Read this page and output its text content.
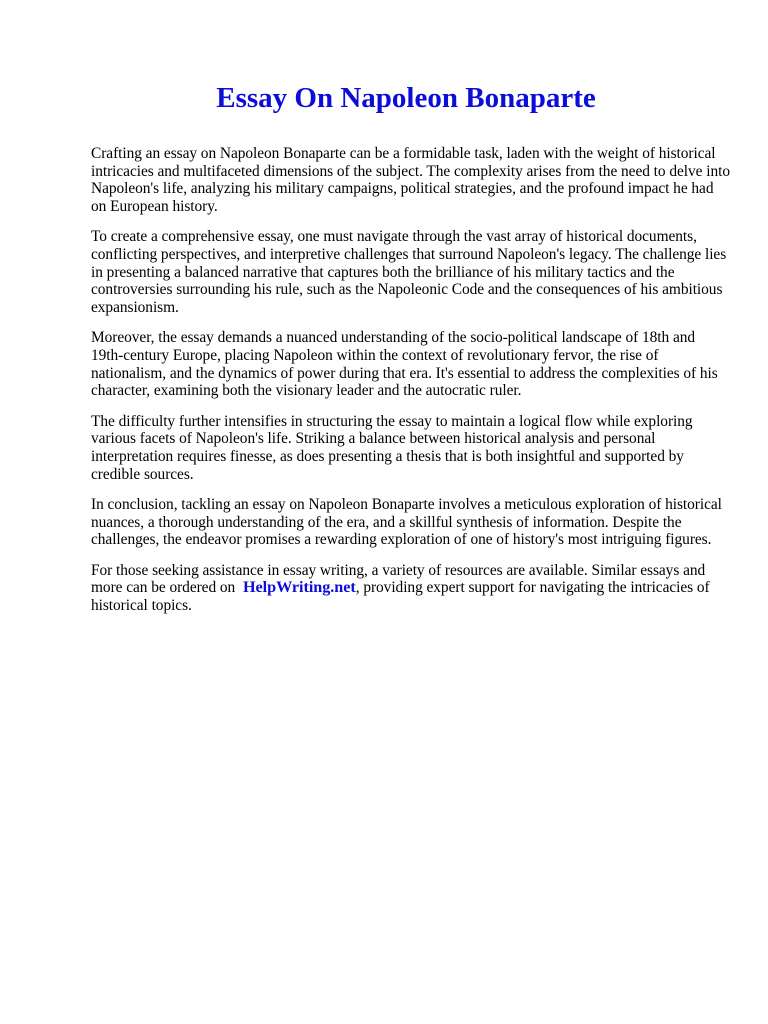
Essay On Napoleon Bonaparte

Crafting an essay on Napoleon Bonaparte can be a formidable task, laden with the weight of historical intricacies and multifaceted dimensions of the subject. The complexity arises from the need to delve into Napoleon's life, analyzing his military campaigns, political strategies, and the profound impact he had on European history.

To create a comprehensive essay, one must navigate through the vast array of historical documents, conflicting perspectives, and interpretive challenges that surround Napoleon's legacy. The challenge lies in presenting a balanced narrative that captures both the brilliance of his military tactics and the controversies surrounding his rule, such as the Napoleonic Code and the consequences of his ambitious expansionism.

Moreover, the essay demands a nuanced understanding of the socio-political landscape of 18th and 19th-century Europe, placing Napoleon within the context of revolutionary fervor, the rise of nationalism, and the dynamics of power during that era. It's essential to address the complexities of his character, examining both the visionary leader and the autocratic ruler.

The difficulty further intensifies in structuring the essay to maintain a logical flow while exploring various facets of Napoleon's life. Striking a balance between historical analysis and personal interpretation requires finesse, as does presenting a thesis that is both insightful and supported by credible sources.

In conclusion, tackling an essay on Napoleon Bonaparte involves a meticulous exploration of historical nuances, a thorough understanding of the era, and a skillful synthesis of information. Despite the challenges, the endeavor promises a rewarding exploration of one of history's most intriguing figures.

For those seeking assistance in essay writing, a variety of resources are available. Similar essays and more can be ordered on HelpWriting.net, providing expert support for navigating the intricacies of historical topics.
